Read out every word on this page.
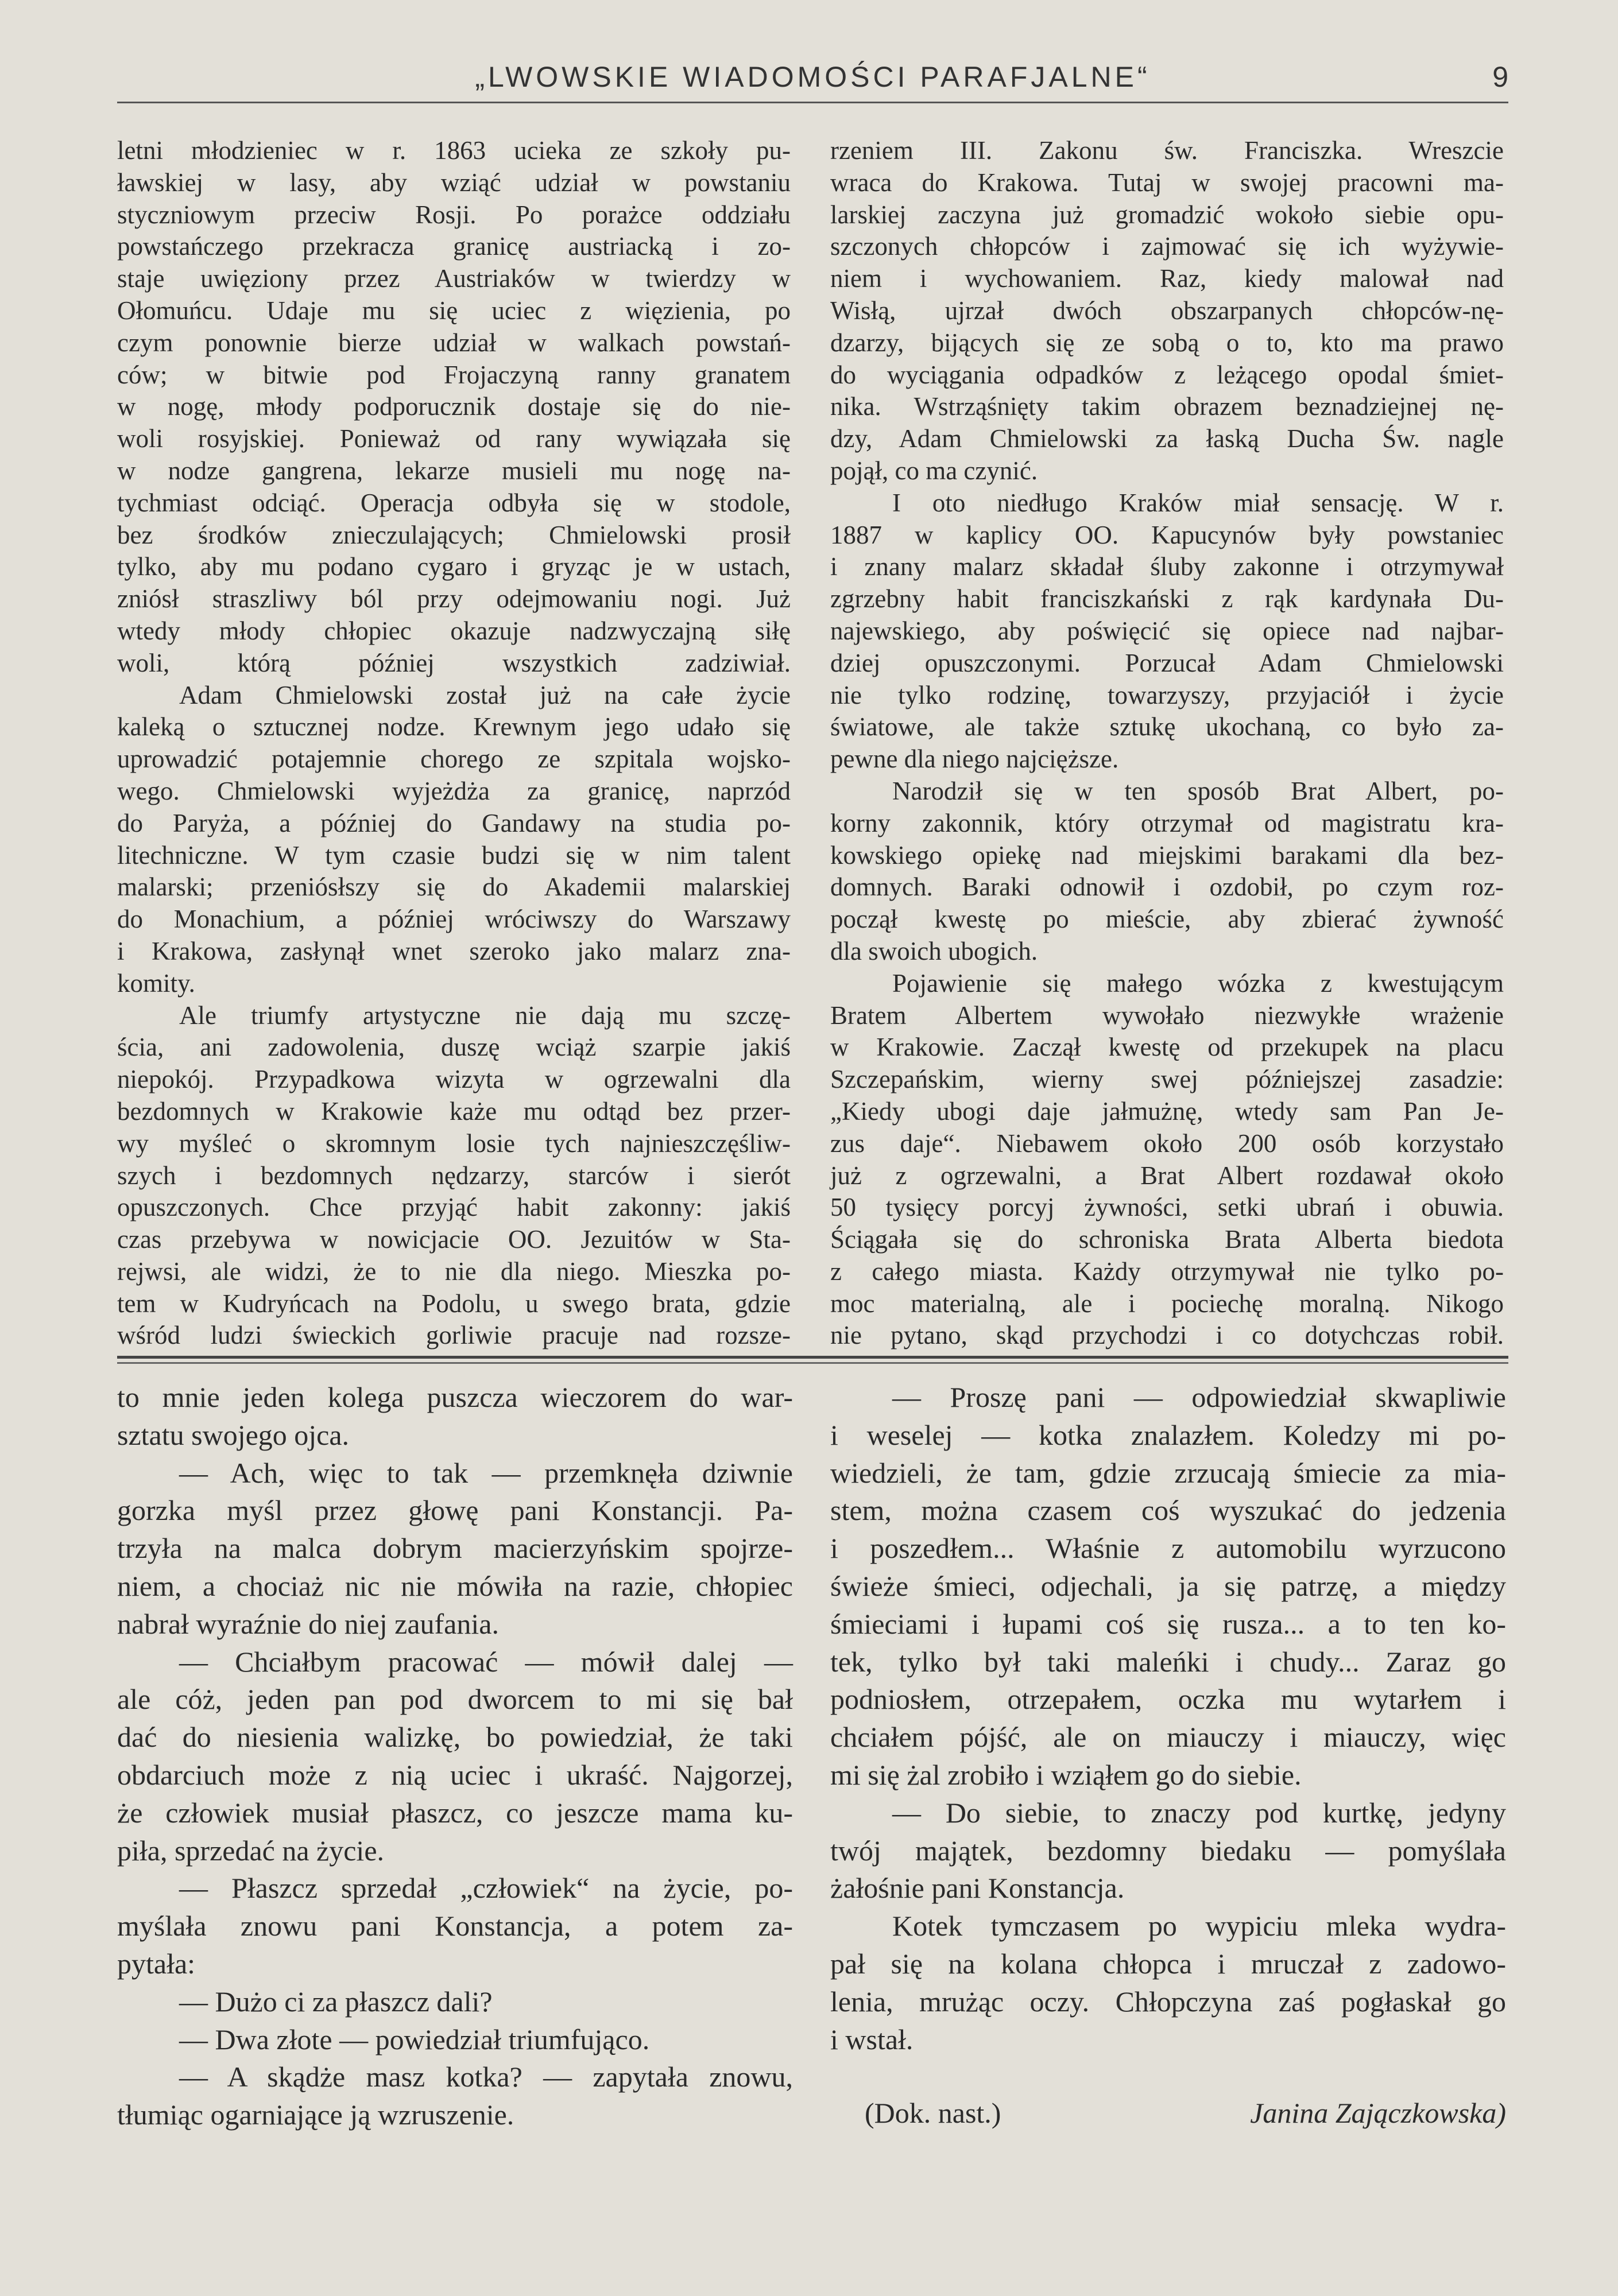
„LWOWSKIE WIADOMOŚCI PARAFJALNE“	9
letni młodzieniec w r. 1863 ucieka ze szkoły pu-
ławskiej w lasy, aby wziąć udział w powstaniu
styczniowym przeciw Rosji. Po porażce oddziału
powstańczego przekracza granicę austriacką i zo-
staje uwięziony przez Austriaków w twierdzy w
Ołomuńcu. Udaje mu się uciec z więzienia, po
czym ponownie bierze udział w walkach powstań-
ców; w bitwie pod Frojaczyną ranny granatem
w nogę, młody podporucznik dostaje się do nie-
woli rosyjskiej. Ponieważ od rany wywiązała się
w nodze gangrena, lekarze musieli mu nogę na-
tychmiast odciąć. Operacja odbyła się w stodole,
bez środków znieczulających; Chmielowski prosił
tylko, aby mu podano cygaro i gryząc je w ustach,
zniósł straszliwy ból przy odejmowaniu nogi. Już
wtedy młody chłopiec okazuje nadzwyczajną siłę
woli, którą później wszystkich zadziwiał.
Adam Chmielowski został już na całe życie
kaleką o sztucznej nodze. Krewnym jego udało się
uprowadzić potajemnie chorego ze szpitala wojsko-
wego. Chmielowski wyjeżdża za granicę, naprzód
do Paryża, a później do Gandawy na studia po-
litechniczne. W tym czasie budzi się w nim talent
malarski; przeniósłszy się do Akademii malarskiej
do Monachium, a później wróciwszy do Warszawy
i Krakowa, zasłynął wnet szeroko jako malarz zna-
komity.
Ale triumfy artystyczne nie dają mu szczę-
ścia, ani zadowolenia, duszę wciąż szarpie jakiś
niepokój. Przypadkowa wizyta w ogrzewalni dla
bezdomnych w Krakowie każe mu odtąd bez przer-
wy myśleć o skromnym losie tych najnieszczęśliw-
szych i bezdomnych nędzarzy, starców i sierót
opuszczonych. Chce przyjąć habit zakonny: jakiś
czas przebywa w nowicjacie OO. Jezuitów w Sta-
rejwsi, ale widzi, że to nie dla niego. Mieszka po-
tem w Kudryńcach na Podolu, u swego brata, gdzie
wśród ludzi świeckich gorliwie pracuje nad rozsze-
rzeniem III. Zakonu św. Franciszka. Wreszcie
wraca do Krakowa. Tutaj w swojej pracowni ma-
larskiej zaczyna już gromadzić wokoło siebie opu-
szczonych chłopców i zajmować się ich wyżywie-
niem i wychowaniem. Raz, kiedy malował nad
Wisłą, ujrzał dwóch obszarpanych chłopców-nę-
dzarzy, bijących się ze sobą o to, kto ma prawo
do wyciągania odpadków z leżącego opodal śmiet-
nika. Wstrząśnięty takim obrazem beznadziejnej nę-
dzy, Adam Chmielowski za łaską Ducha Św. nagle
pojął, co ma czynić.
I oto niedługo Kraków miał sensację. W r.
1887 w kaplicy OO. Kapucynów były powstaniec
i znany malarz składał śluby zakonne i otrzymywał
zgrzebny habit franciszkański z rąk kardynała Du-
najewskiego, aby poświęcić się opiece nad najbar-
dziej opuszczonymi. Porzucał Adam Chmielowski
nie tylko rodzinę, towarzyszy, przyjaciół i życie
światowe, ale także sztukę ukochaną, co było za-
pewne dla niego najcięższe.
Narodził się w ten sposób Brat Albert, po-
korny zakonnik, który otrzymał od magistratu kra-
kowskiego opiekę nad miejskimi barakami dla bez-
domnych. Baraki odnowił i ozdobił, po czym roz-
począł kwestę po mieście, aby zbierać żywność
dla swoich ubogich.
Pojawienie się małego wózka z kwestującym
Bratem Albertem wywołało niezwykłe wrażenie
w Krakowie. Zaczął kwestę od przekupek na placu
Szczepańskim, wierny swej późniejszej zasadzie:
„Kiedy ubogi daje jałmużnę, wtedy sam Pan Je-
zus daje“. Niebawem około 200 osób korzystało
już z ogrzewalni, a Brat Albert rozdawał około
50 tysięcy porcyj żywności, setki ubrań i obuwia.
Ściągała się do schroniska Brata Alberta biedota
z całego miasta. Każdy otrzymywał nie tylko po-
moc materialną, ale i pociechę moralną. Nikogo
nie pytano, skąd przychodzi i co dotychczas robił.
to mnie jeden kolega puszcza wieczorem do war-
sztatu swojego ojca.
— Ach, więc to tak — przemknęła dziwnie
gorzka myśl przez głowę pani Konstancji. Pa-
trzyła na malca dobrym macierzyńskim spojrze-
niem, a chociaż nic nie mówiła na razie, chłopiec
nabrał wyraźnie do niej zaufania.
— Chciałbym pracować — mówił dalej —
ale cóż, jeden pan pod dworcem to mi się bał
dać do niesienia walizkę, bo powiedział, że taki
obdarciuch może z nią uciec i ukraść. Najgorzej,
że człowiek musiał płaszcz, co jeszcze mama ku-
piła, sprzedać na życie.
— Płaszcz sprzedał „człowiek“ na życie, po-
myślała znowu pani Konstancja, a potem za-
pytała:
— Dużo ci za płaszcz dali?
— Dwa złote — powiedział triumfująco.
— A skądże masz kotka? — zapytała znowu,
tłumiąc ogarniające ją wzruszenie.
— Proszę pani — odpowiedział skwapliwie
i weselej — kotka znalazłem. Koledzy mi po-
wiedzieli, że tam, gdzie zrzucają śmiecie za mia-
stem, można czasem coś wyszukać do jedzenia
i poszedłem... Właśnie z automobilu wyrzucono
świeże śmieci, odjechali, ja się patrzę, a między
śmieciami i łupami coś się rusza... a to ten ko-
tek, tylko był taki maleńki i chudy... Zaraz go
podniosłem, otrzepałem, oczka mu wytarłem i
chciałem pójść, ale on miauczy i miauczy, więc
mi się żal zrobiło i wziąłem go do siebie.
— Do siebie, to znaczy pod kurtkę, jedyny
twój majątek, bezdomny biedaku — pomyślała
żałośnie pani Konstancja.
Kotek tymczasem po wypiciu mleka wydra-
pał się na kolana chłopca i mruczał z zadowo-
lenia, mrużąc oczy. Chłopczyna zaś pogłaskał go
i wstał.
(Dok. nast.)	Janina Zajączkowska)
